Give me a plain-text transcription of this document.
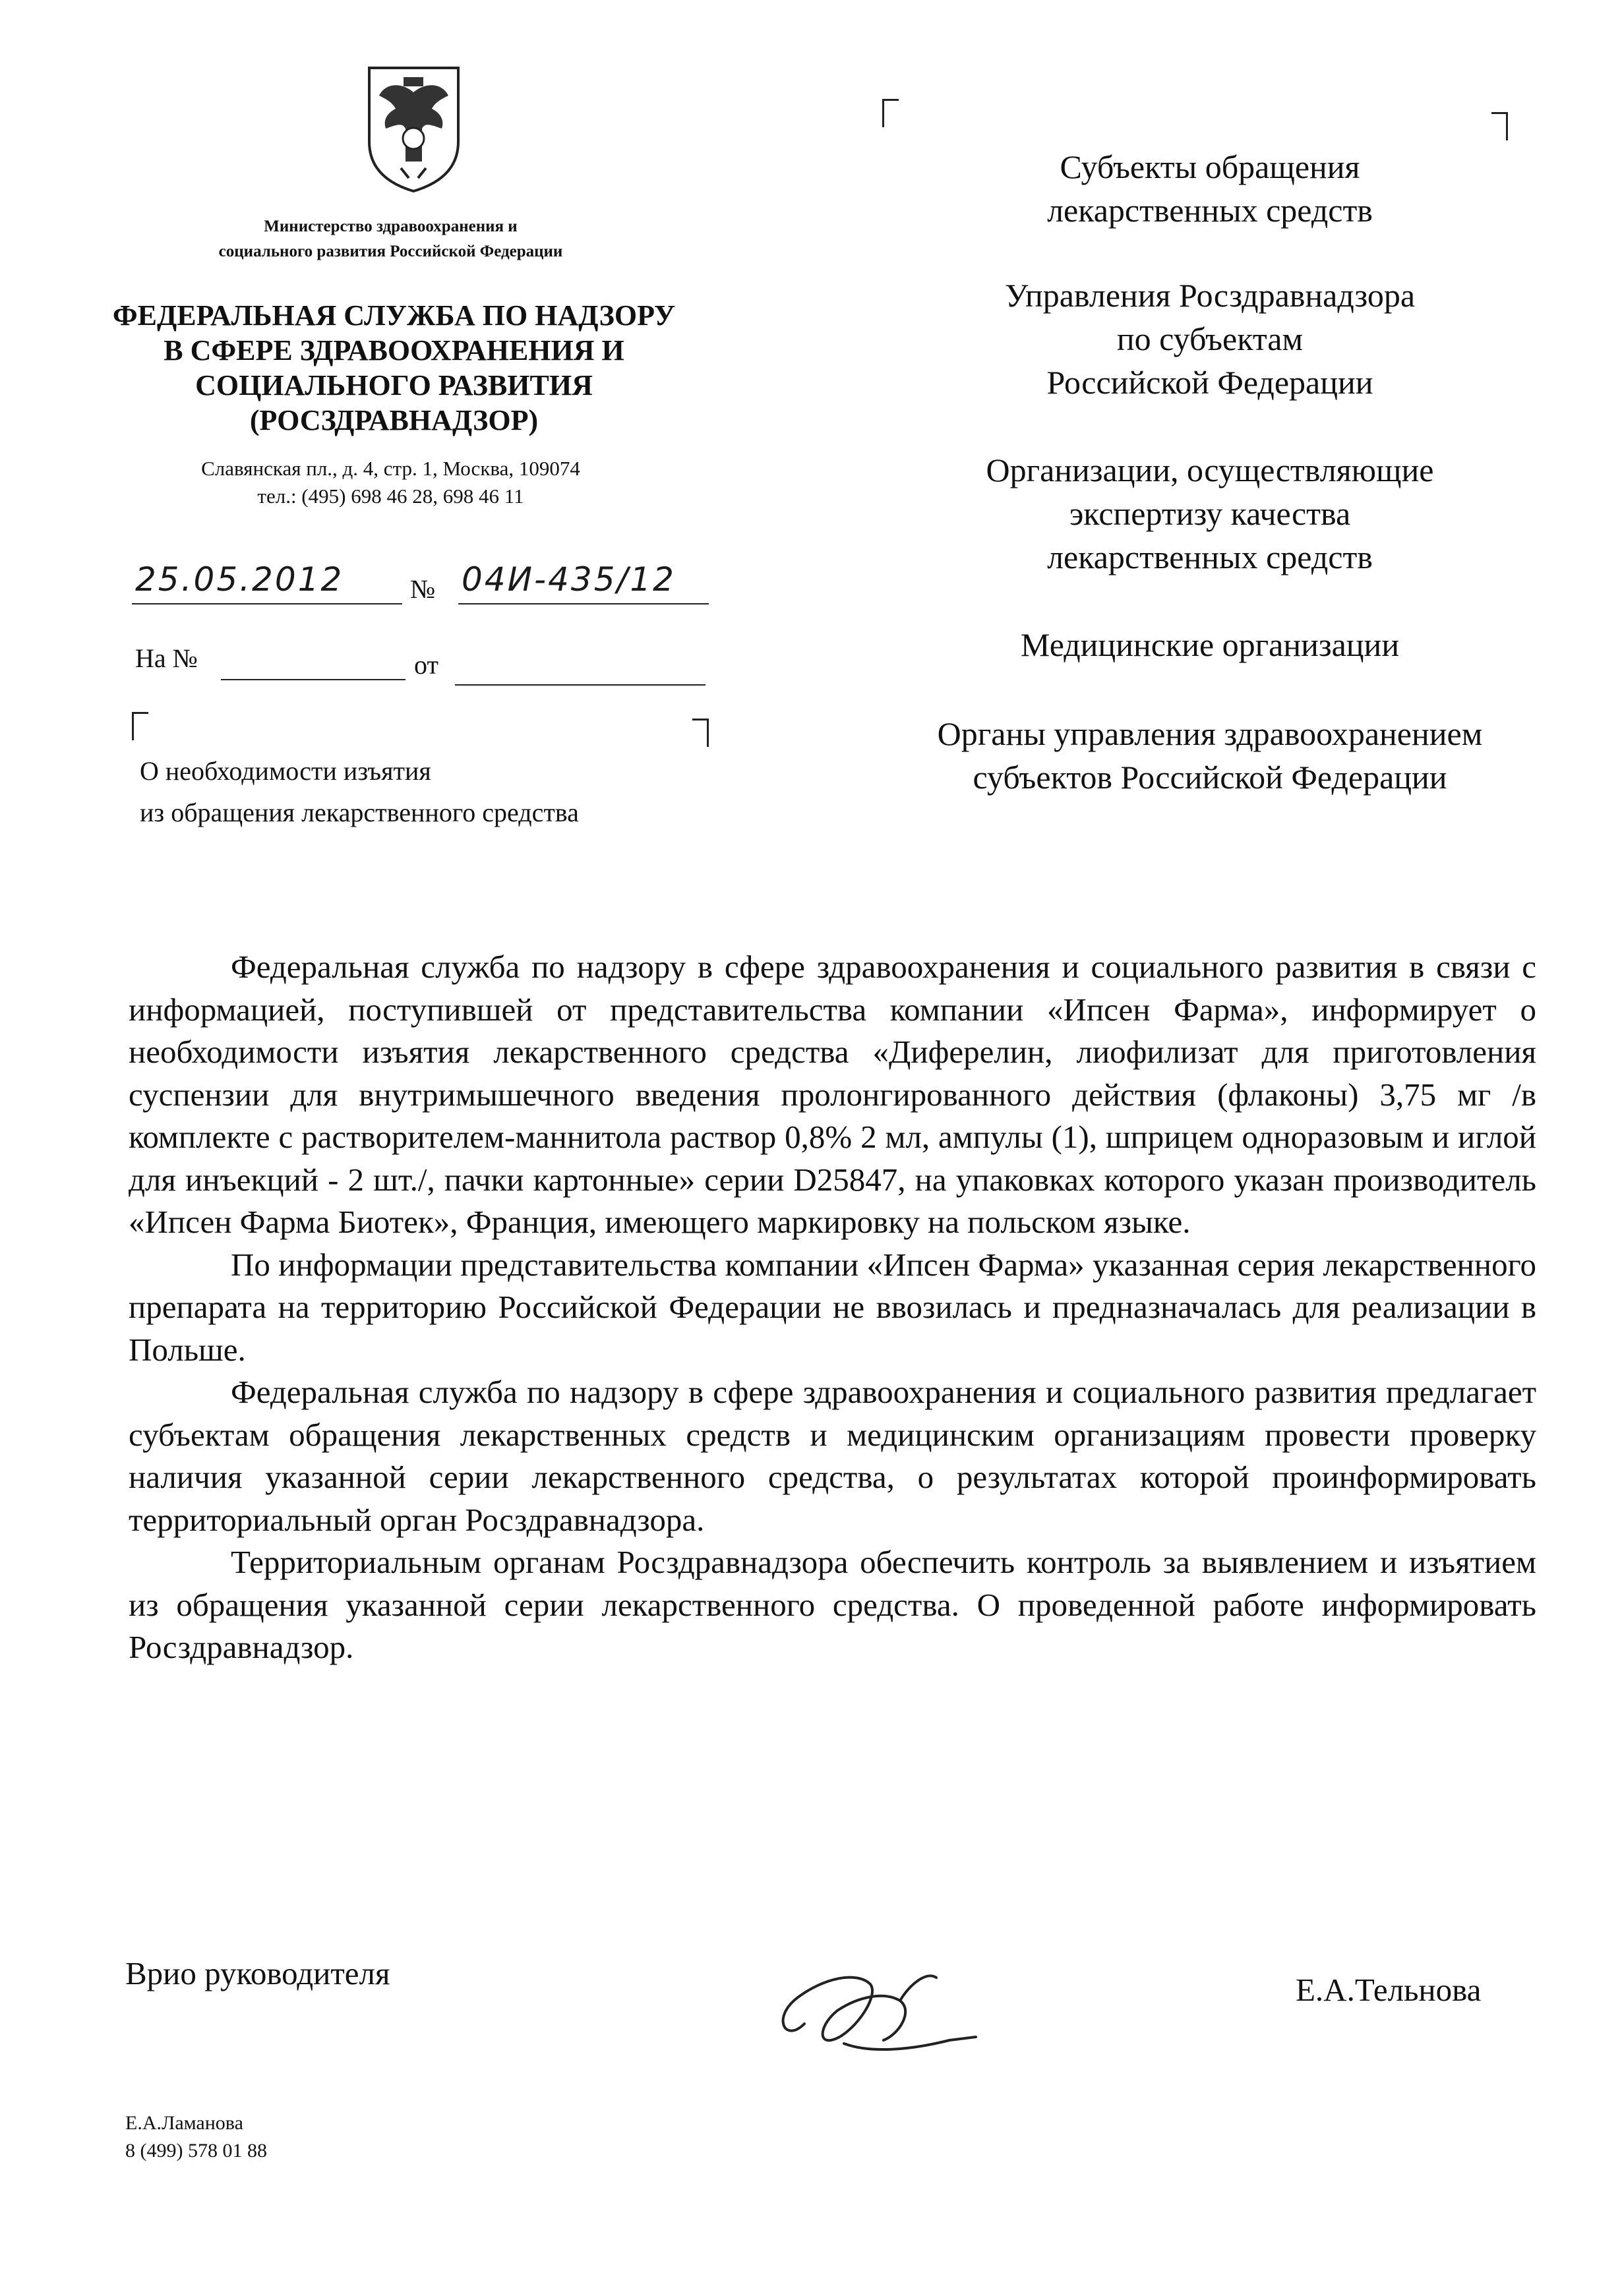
Министерство здравоохранения и
социального развития Российской Федерации
ФЕДЕРАЛЬНАЯ СЛУЖБА ПО НАДЗОРУ
В СФЕРЕ ЗДРАВООХРАНЕНИЯ И
СОЦИАЛЬНОГО РАЗВИТИЯ
(РОСЗДРАВНАДЗОР)
Славянская пл., д. 4, стр. 1, Москва, 109074
тел.: (495) 698 46 28, 698 46 11
25.05.2012	№ 04И-435/12
На №	от
О необходимости изъятия
из обращения лекарственного средства
Субъекты обращения
лекарственных средств
Управления Росздравнадзора
по субъектам
Российской Федерации
Организации, осуществляющие
экспертизу качества
лекарственных средств
Медицинские организации
Органы управления здравоохранением
субъектов Российской Федерации

Федеральная служба по надзору в сфере здравоохранения и социального развития в связи с информацией, поступившей от представительства компании «Ипсен Фарма», информирует о необходимости изъятия лекарственного средства «Диферелин, лиофилизат для приготовления суспензии для внутримышечного введения пролонгированного действия (флаконы) 3,75 мг /в комплекте с растворителем-маннитола раствор 0,8% 2 мл, ампулы (1), шприцем одноразовым и иглой для инъекций - 2 шт./, пачки картонные» серии D25847, на упаковках которого указан производитель «Ипсен Фарма Биотек», Франция, имеющего маркировку на польском языке.

По информации представительства компании «Ипсен Фарма» указанная серия лекарственного препарата на территорию Российской Федерации не ввозилась и предназначалась для реализации в Польше.

Федеральная служба по надзору в сфере здравоохранения и социального развития предлагает субъектам обращения лекарственных средств и медицинским организациям провести проверку наличия указанной серии лекарственного средства, о результатах которой проинформировать территориальный орган Росздравнадзора.

Территориальным органам Росздравнадзора обеспечить контроль за выявлением и изъятием из обращения указанной серии лекарственного средства. О проведенной работе информировать Росздравнадзор.

Врио руководителя	Е.А.Тельнова
Е.А.Ламанова
8 (499) 578 01 88
